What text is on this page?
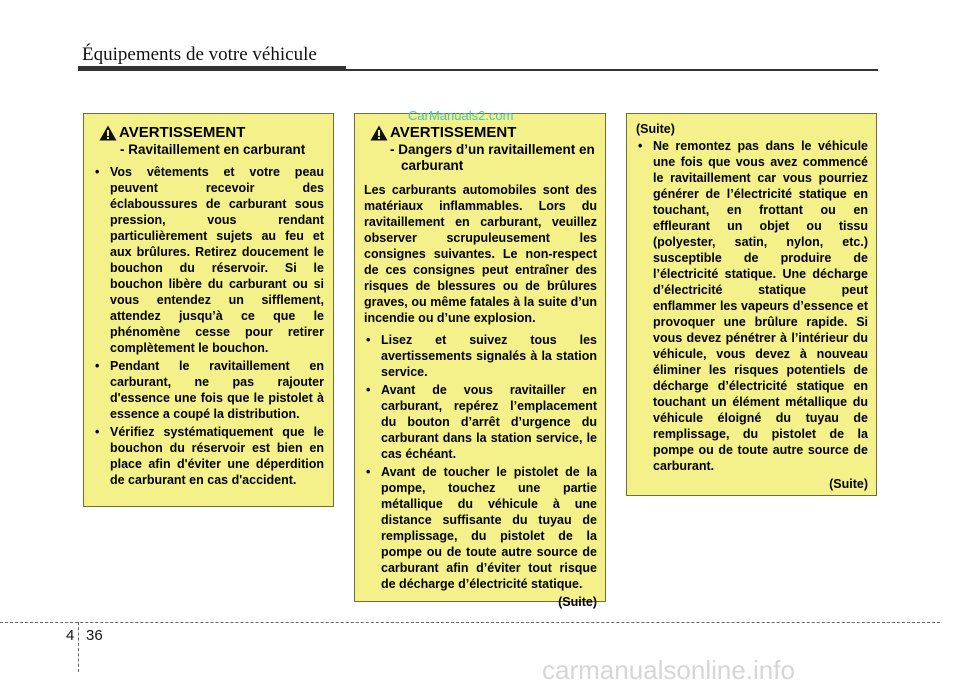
Équipements de votre véhicule
AVERTISSEMENT
- Ravitaillement en carburant
• Vos vêtements et votre peau peuvent recevoir des éclaboussures de carburant sous pression, vous rendant particulièrement sujets au feu et aux brûlures. Retirez doucement le bouchon du réservoir. Si le bouchon libère du carburant ou si vous entendez un sifflement, attendez jusqu’à ce que le phénomène cesse pour retirer complètement le bouchon.
• Pendant le ravitaillement en carburant, ne pas rajouter d'essence une fois que le pistolet à essence a coupé la distribution.
• Vérifiez systématiquement que le bouchon du réservoir est bien en place afin d'éviter une déperdition de carburant en cas d'accident.
AVERTISSEMENT
- Dangers d’un ravitaillement en carburant
Les carburants automobiles sont des matériaux inflammables. Lors du ravitaillement en carburant, veuillez observer scrupuleusement les consignes suivantes. Le non-respect de ces consignes peut entraîner des risques de blessures ou de brûlures graves, ou même fatales à la suite d’un incendie ou d’une explosion.
• Lisez et suivez tous les avertissements signalés à la station service.
• Avant de vous ravitailler en carburant, repérez l’emplacement du bouton d’arrêt d’urgence du carburant dans la station service, le cas échéant.
• Avant de toucher le pistolet de la pompe, touchez une partie métallique du véhicule à une distance suffisante du tuyau de remplissage, du pistolet de la pompe ou de toute autre source de carburant afin d’éviter tout risque de décharge d’électricité statique.
(Suite)
(Suite)
• Ne remontez pas dans le véhicule une fois que vous avez commencé le ravitaillement car vous pourriez générer de l’électricité statique en touchant, en frottant ou en effleurant un objet ou tissu (polyester, satin, nylon, etc.) susceptible de produire de l’électricité statique. Une décharge d’électricité statique peut enflammer les vapeurs d’essence et provoquer une brûlure rapide. Si vous devez pénétrer à l’intérieur du véhicule, vous devez à nouveau éliminer les risques potentiels de décharge d’électricité statique en touchant un élément métallique du véhicule éloigné du tuyau de remplissage, du pistolet de la pompe ou de toute autre source de carburant.
(Suite)
CarManuals2.com
4 36
carmanualsonline.info
